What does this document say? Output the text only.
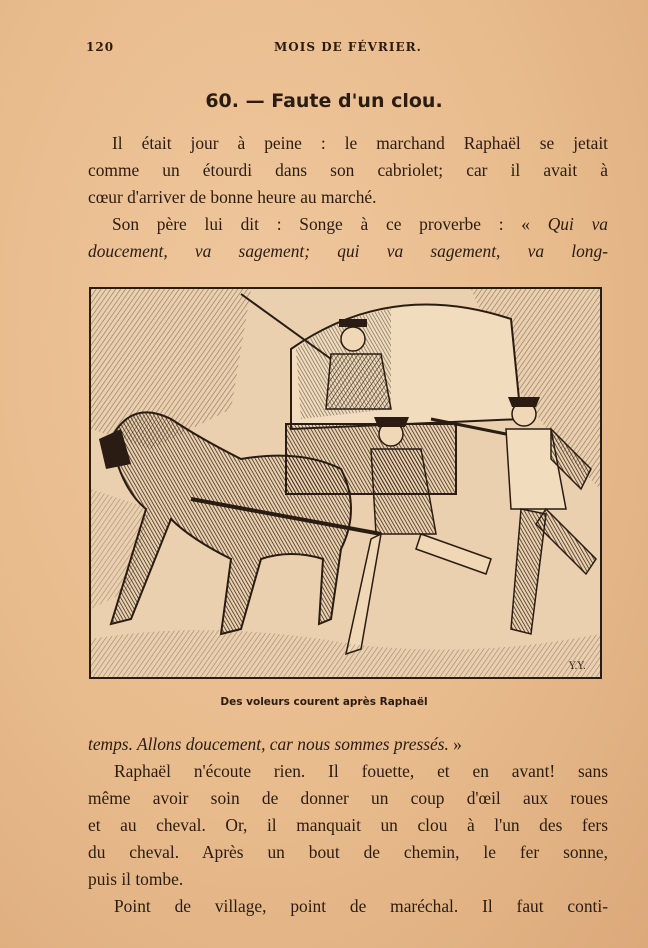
120	MOIS DE FÉVRIER.
60. — Faute d'un clou.
Il était jour à peine : le marchand Raphaël se jetait
comme un étourdi dans son cabriolet; car il avait à
cœur d'arriver de bonne heure au marché.
Son père lui dit : Songe à ce proverbe : « Qui va
doucement, va sagement; qui va sagement, va long-
Y.Y.
Des voleurs courent après Raphaël
temps. Allons doucement, car nous sommes pressés. »
Raphaël n'écoute rien. Il fouette, et en avant! sans
même avoir soin de donner un coup d'œil aux roues
et au cheval. Or, il manquait un clou à l'un des fers
du cheval. Après un bout de chemin, le fer sonne,
puis il tombe.
Point de village, point de maréchal. Il faut conti-
